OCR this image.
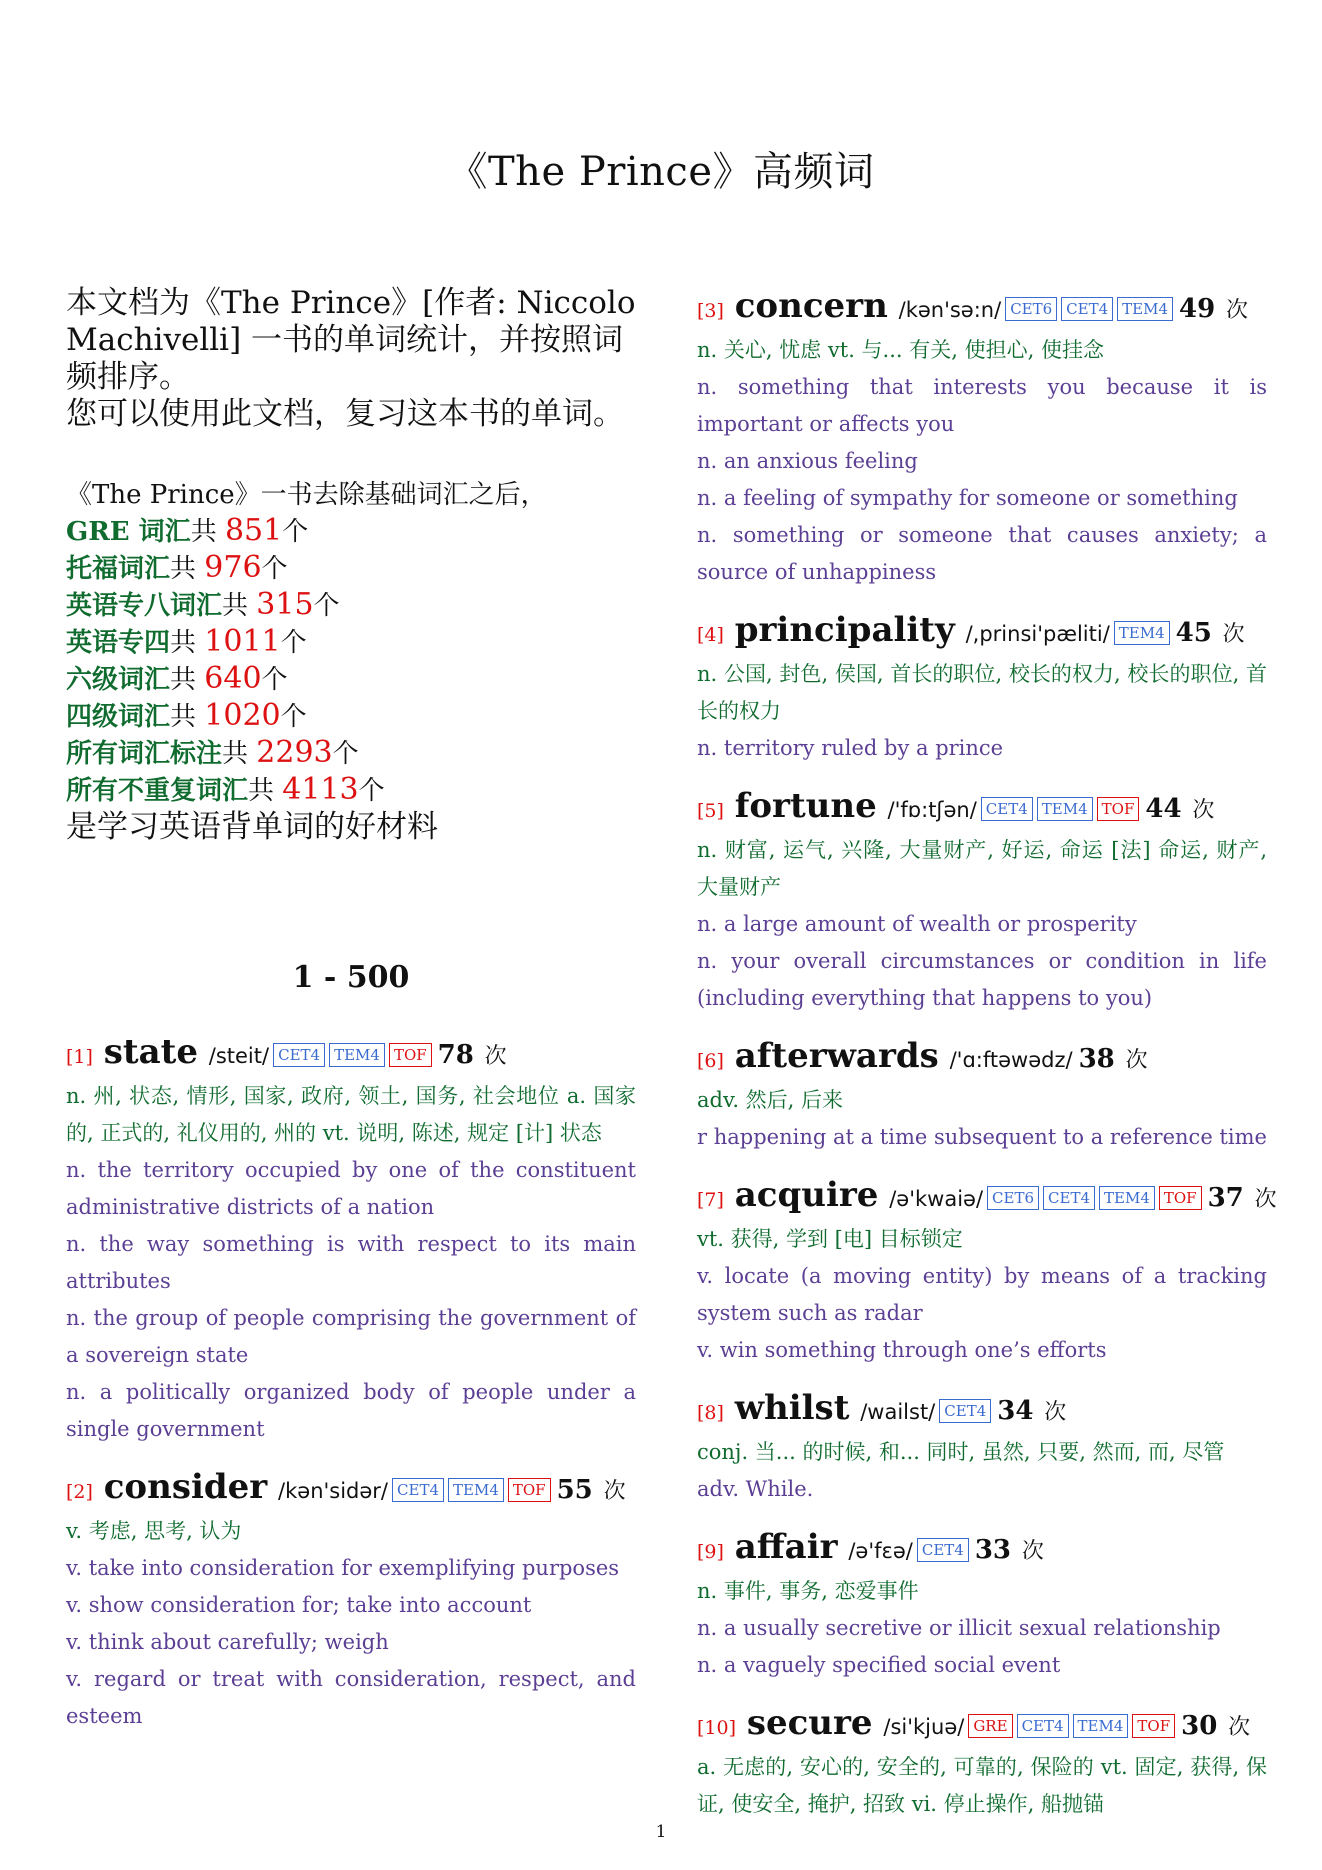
《The Prince》高频词
本文档为《The Prince》[作者: Niccolo Machivelli] 一书的单词统计，并按照词频排序。
您可以使用此文档，复习这本书的单词。
《The Prince》一书去除基础词汇之后，
GRE 词汇共 851个
托福词汇共 976个
英语专八词汇共 315个
英语专四共 1011个
六级词汇共 640个
四级词汇共 1020个
所有词汇标注共 2293个
所有不重复词汇共 4113个
是学习英语背单词的好材料
1 - 500
[1] state /steit/ CET4 TEM4 TOF 78 次
n. 州, 状态, 情形, 国家, 政府, 领土, 国务, 社会地位 a. 国家的, 正式的, 礼仪用的, 州的 vt. 说明, 陈述, 规定 [计] 状态
n. the territory occupied by one of the constituent administrative districts of a nation
n. the way something is with respect to its main attributes
n. the group of people comprising the government of a sovereign state
n. a politically organized body of people under a single government
[2] consider /kən'sidər/ CET4 TEM4 TOF 55 次
v. 考虑, 思考, 认为
v. take into consideration for exemplifying purposes
v. show consideration for; take into account
v. think about carefully; weigh
v. regard or treat with consideration, respect, and esteem
[3] concern /kən'sə:n/ CET6 CET4 TEM4 49 次
n. 关心, 忧虑 vt. 与... 有关, 使担心, 使挂念
n. something that interests you because it is important or affects you
n. an anxious feeling
n. a feeling of sympathy for someone or something
n. something or someone that causes anxiety; a source of unhappiness
[4] principality /,prinsi'pæliti/ TEM4 45 次
n. 公国, 封色, 侯国, 首长的职位, 校长的权力, 校长的职位, 首长的权力
n. territory ruled by a prince
[5] fortune /'fɒ:tʃən/ CET4 TEM4 TOF 44 次
n. 财富, 运气, 兴隆, 大量财产, 好运, 命运 [法] 命运, 财产, 大量财产
n. a large amount of wealth or prosperity
n. your overall circumstances or condition in life (including everything that happens to you)
[6] afterwards /'ɑ:ftəwədz/ 38 次
adv. 然后, 后来
r happening at a time subsequent to a reference time
[7] acquire /ə'kwaiə/ CET6 CET4 TEM4 TOF 37 次
vt. 获得, 学到 [电] 目标锁定
v. locate (a moving entity) by means of a tracking system such as radar
v. win something through one’s efforts
[8] whilst /wailst/ CET4 34 次
conj. 当... 的时候, 和... 同时, 虽然, 只要, 然而, 而, 尽管
adv. While.
[9] affair /ə'fɛə/ CET4 33 次
n. 事件, 事务, 恋爱事件
n. a usually secretive or illicit sexual relationship
n. a vaguely specified social event
[10] secure /si'kjuə/ GRE CET4 TEM4 TOF 30 次
a. 无虑的, 安心的, 安全的, 可靠的, 保险的 vt. 固定, 获得, 保证, 使安全, 掩护, 招致 vi. 停止操作, 船抛锚
1
